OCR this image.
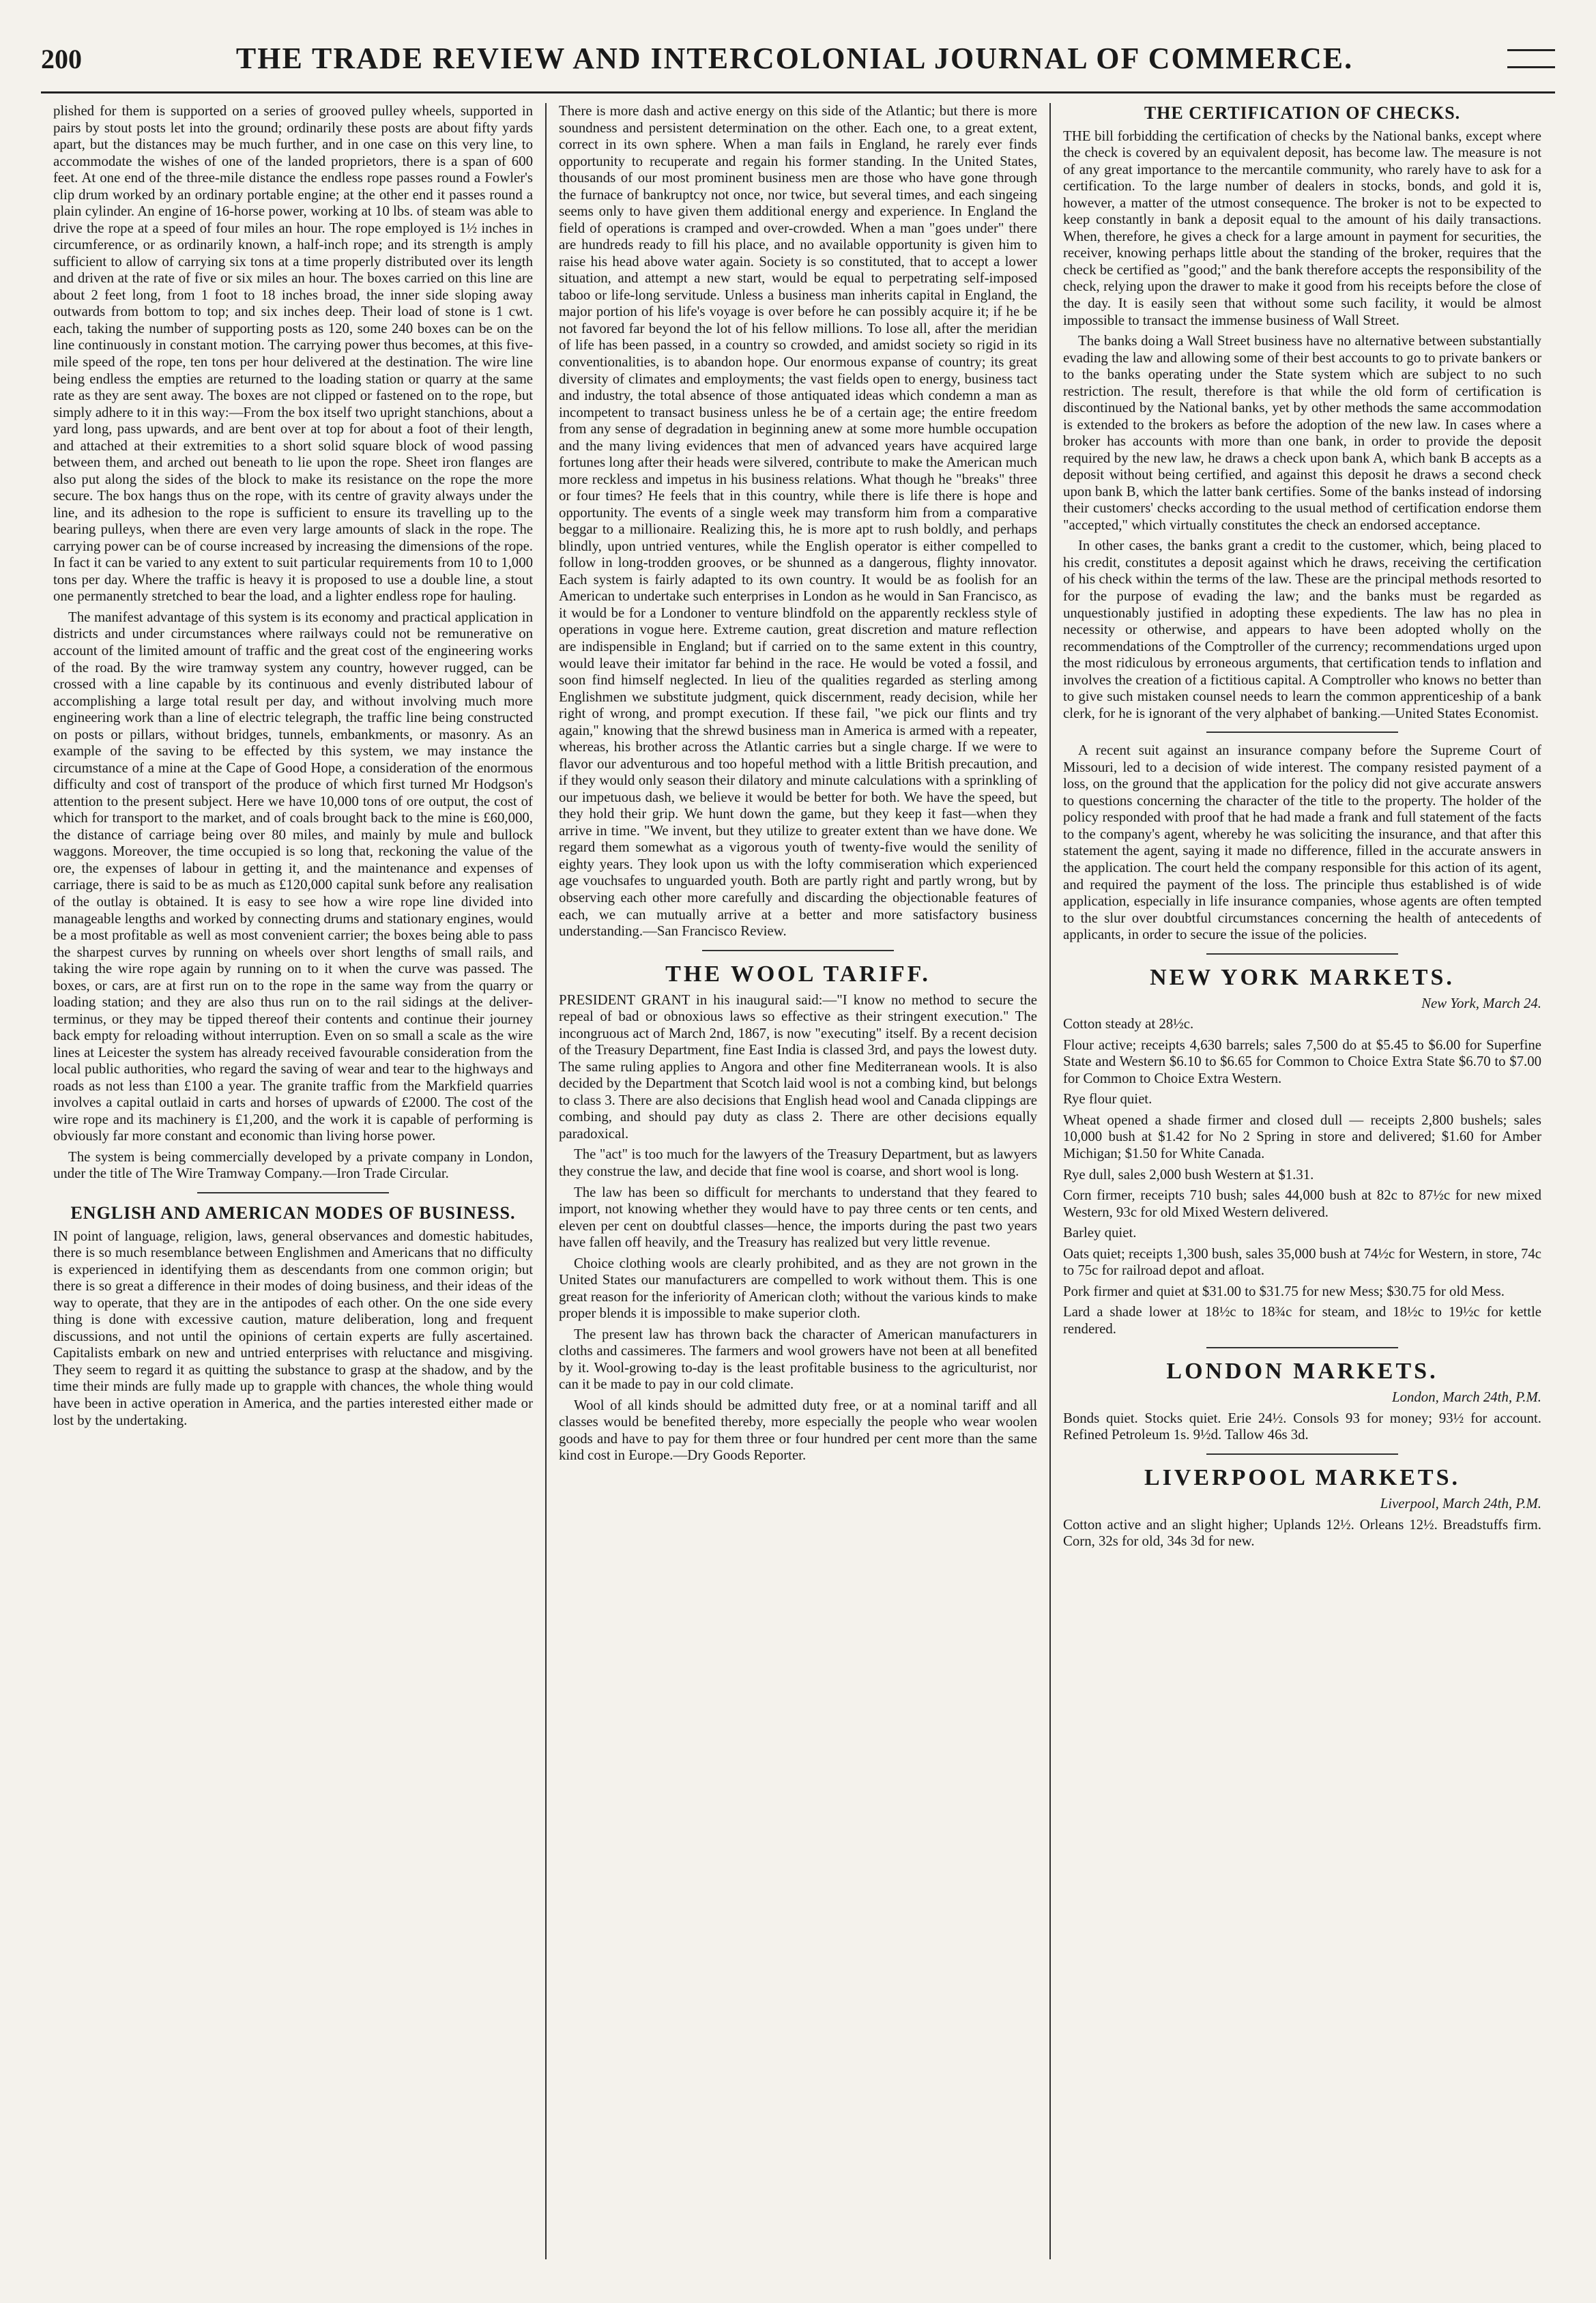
200	THE TRADE REVIEW AND INTERCOLONIAL JOURNAL OF COMMERCE.

plished for them is supported on a series of grooved pulley wheels, supported in pairs by stout posts let into the ground; ordinarily these posts are about fifty yards apart, but the distances may be much further, and in one case on this very line, to accommodate the wishes of one of the landed proprietors, there is a span of 600 feet. At one end of the three-mile distance the endless rope passes round a Fowler's clip drum worked by an ordinary portable engine; at the other end it passes round a plain cylinder. An engine of 16-horse power, working at 10 lbs. of steam was able to drive the rope at a speed of four miles an hour. The rope employed is 1½ inches in circumference, or as ordinarily known, a half-inch rope; and its strength is amply sufficient to allow of carrying six tons at a time properly distributed over its length and driven at the rate of five or six miles an hour. The boxes carried on this line are about 2 feet long, from 1 foot to 18 inches broad, the inner side sloping away outwards from bottom to top; and six inches deep. Their load of stone is 1 cwt. each, taking the number of supporting posts as 120, some 240 boxes can be on the line continuously in constant motion. The carrying power thus becomes, at this five-mile speed of the rope, ten tons per hour delivered at the destination. The wire line being endless the empties are returned to the loading station or quarry at the same rate as they are sent away. The boxes are not clipped or fastened on to the rope, but simply adhere to it in this way:—From the box itself two upright stanchions, about a yard long, pass upwards, and are bent over at top for about a foot of their length, and attached at their extremities to a short solid square block of wood passing between them, and arched out beneath to lie upon the rope. Sheet iron flanges are also put along the sides of the block to make its resistance on the rope the more secure. The box hangs thus on the rope, with its centre of gravity always under the line, and its adhesion to the rope is sufficient to ensure its travelling up to the bearing pulleys, when there are even very large amounts of slack in the rope. The carrying power can be of course increased by increasing the dimensions of the rope. In fact it can be varied to any extent to suit particular requirements from 10 to 1,000 tons per day. Where the traffic is heavy it is proposed to use a double line, a stout one permanently stretched to bear the load, and a lighter endless rope for hauling.

The manifest advantage of this system is its economy and practical application in districts and under circumstances where railways could not be remunerative on account of the limited amount of traffic and the great cost of the engineering works of the road. By the wire tramway system any country, however rugged, can be crossed with a line capable by its continuous and evenly distributed labour of accomplishing a large total result per day, and without involving much more engineering work than a line of electric telegraph, the traffic line being constructed on posts or pillars, without bridges, tunnels, embankments, or masonry. As an example of the saving to be effected by this system, we may instance the circumstance of a mine at the Cape of Good Hope, a consideration of the enormous difficulty and cost of transport of the produce of which first turned Mr Hodgson's attention to the present subject. Here we have 10,000 tons of ore output, the cost of which for transport to the market, and of coals brought back to the mine is £60,000, the distance of carriage being over 80 miles, and mainly by mule and bullock waggons. Moreover, the time occupied is so long that, reckoning the value of the ore, the expenses of labour in getting it, and the maintenance and expenses of carriage, there is said to be as much as £120,000 capital sunk before any realisation of the outlay is obtained. It is easy to see how a wire rope line divided into manageable lengths and worked by connecting drums and stationary engines, would be a most profitable as well as most convenient carrier; the boxes being able to pass the sharpest curves by running on wheels over short lengths of small rails, and taking the wire rope again by running on to it when the curve was passed. The boxes, or cars, are at first run on to the rope in the same way from the quarry or loading station; and they are also thus run on to the rail sidings at the deliver- terminus, or they may be tipped thereof their contents and continue their journey back empty for reloading without interruption. Even on so small a scale as the wire lines at Leicester the system has already received favourable consideration from the local public authorities, who regard the saving of wear and tear to the highways and roads as not less than £100 a year. The granite traffic from the Markfield quarries involves a capital outlaid in carts and horses of upwards of £2000. The cost of the wire rope and its machinery is £1,200, and the work it is capable of performing is obviously far more constant and economic than living horse power.

The system is being commercially developed by a private company in London, under the title of The Wire Tramway Company.—Iron Trade Circular.

ENGLISH AND AMERICAN MODES OF BUSINESS.

IN point of language, religion, laws, general observances and domestic habitudes, there is so much resemblance between Englishmen and Americans that no difficulty is experienced in identifying them as descendants from one common origin; but there is so great a difference in their modes of doing business, and their ideas of the way to operate, that they are in the antipodes of each other. On the one side every thing is done with excessive caution, mature deliberation, long and frequent discussions, and not until the opinions of certain experts are fully ascertained. Capitalists embark on new and untried enterprises with reluctance and misgiving. They seem to regard it as quitting the substance to grasp at the shadow, and by the time their minds are fully made up to grapple with chances, the whole thing would have been in active operation in America, and the parties interested either made or lost by the undertaking.

There is more dash and active energy on this side of the Atlantic; but there is more soundness and persistent determination on the other. Each one, to a great extent, correct in its own sphere. When a man fails in England, he rarely ever finds opportunity to recuperate and regain his former standing. In the United States, thousands of our most prominent business men are those who have gone through the furnace of bankruptcy not once, nor twice, but several times, and each singeing seems only to have given them additional energy and experience. In England the field of operations is cramped and over-crowded. When a man "goes under" there are hundreds ready to fill his place, and no available opportunity is given him to raise his head above water again. Society is so constituted, that to accept a lower situation, and attempt a new start, would be equal to perpetrating self-imposed taboo or life-long servitude. Unless a business man inherits capital in England, the major portion of his life's voyage is over before he can possibly acquire it; if he be not favored far beyond the lot of his fellow millions. To lose all, after the meridian of life has been passed, in a country so crowded, and amidst society so rigid in its conventionalities, is to abandon hope. Our enormous expanse of country; its great diversity of climates and employments; the vast fields open to energy, business tact and industry, the total absence of those antiquated ideas which condemn a man as incompetent to transact business unless he be of a certain age; the entire freedom from any sense of degradation in beginning anew at some more humble occupation and the many living evidences that men of advanced years have acquired large fortunes long after their heads were silvered, contribute to make the American much more reckless and impetus in his business relations. What though he "breaks" three or four times? He feels that in this country, while there is life there is hope and opportunity. The events of a single week may transform him from a comparative beggar to a millionaire. Realizing this, he is more apt to rush boldly, and perhaps blindly, upon untried ventures, while the English operator is either compelled to follow in long-trodden grooves, or be shunned as a dangerous, flighty innovator. Each system is fairly adapted to its own country. It would be as foolish for an American to undertake such enterprises in London as he would in San Francisco, as it would be for a Londoner to venture blindfold on the apparently reckless style of operations in vogue here. Extreme caution, great discretion and mature reflection are indispensible in England; but if carried on to the same extent in this country, would leave their imitator far behind in the race. He would be voted a fossil, and soon find himself neglected. In lieu of the qualities regarded as sterling among Englishmen we substitute judgment, quick discernment, ready decision, while her right of wrong, and prompt execution. If these fail, "we pick our flints and try again," knowing that the shrewd business man in America is armed with a repeater, whereas, his brother across the Atlantic carries but a single charge. If we were to flavor our adventurous and too hopeful method with a little British precaution, and if they would only season their dilatory and minute calculations with a sprinkling of our impetuous dash, we believe it would be better for both. We have the speed, but they hold their grip. We hunt down the game, but they keep it fast—when they arrive in time. "We invent, but they utilize to greater extent than we have done. We regard them somewhat as a vigorous youth of twenty-five would the senility of eighty years. They look upon us with the lofty commiseration which experienced age vouchsafes to unguarded youth. Both are partly right and partly wrong, but by observing each other more carefully and discarding the objectionable features of each, we can mutually arrive at a better and more satisfactory business understanding.—San Francisco Review.

THE WOOL TARIFF.

PRESIDENT GRANT in his inaugural said:—"I know no method to secure the repeal of bad or obnoxious laws so effective as their stringent execution." The incongruous act of March 2nd, 1867, is now "executing" itself. By a recent decision of the Treasury Department, fine East India is classed 3rd, and pays the lowest duty. The same ruling applies to Angora and other fine Mediterranean wools. It is also decided by the Department that Scotch laid wool is not a combing kind, but belongs to class 3. There are also decisions that English head wool and Canada clippings are combing, and should pay duty as class 2. There are other decisions equally paradoxical.

The "act" is too much for the lawyers of the Treasury Department, but as lawyers they construe the law, and decide that fine wool is coarse, and short wool is long.

The law has been so difficult for merchants to understand that they feared to import, not knowing whether they would have to pay three cents or ten cents, and eleven per cent on doubtful classes—hence, the imports during the past two years have fallen off heavily, and the Treasury has realized but very little revenue.

Choice clothing wools are clearly prohibited, and as they are not grown in the United States our manufacturers are compelled to work without them. This is one great reason for the inferiority of American cloth; without the various kinds to make proper blends it is impossible to make superior cloth.

The present law has thrown back the character of American manufacturers in cloths and cassimeres. The farmers and wool growers have not been at all benefited by it. Wool-growing to-day is the least profitable business to the agriculturist, nor can it be made to pay in our cold climate.

Wool of all kinds should be admitted duty free, or at a nominal tariff and all classes would be benefited thereby, more especially the people who wear woolen goods and have to pay for them three or four hundred per cent more than the same kind cost in Europe.—Dry Goods Reporter.

THE CERTIFICATION OF CHECKS.

THE bill forbidding the certification of checks by the National banks, except where the check is covered by an equivalent deposit, has become law. The measure is not of any great importance to the mercantile community, who rarely have to ask for a certification. To the large number of dealers in stocks, bonds, and gold it is, however, a matter of the utmost consequence. The broker is not to be expected to keep constantly in bank a deposit equal to the amount of his daily transactions. When, therefore, he gives a check for a large amount in payment for securities, the receiver, knowing perhaps little about the standing of the broker, requires that the check be certified as "good;" and the bank therefore accepts the responsibility of the check, relying upon the drawer to make it good from his receipts before the close of the day. It is easily seen that without some such facility, it would be almost impossible to transact the immense business of Wall Street.

The banks doing a Wall Street business have no alternative between substantially evading the law and allowing some of their best accounts to go to private bankers or to the banks operating under the State system which are subject to no such restriction. The result, therefore is that while the old form of certification is discontinued by the National banks, yet by other methods the same accommodation is extended to the brokers as before the adoption of the new law. In cases where a broker has accounts with more than one bank, in order to provide the deposit required by the new law, he draws a check upon bank A, which bank B accepts as a deposit without being certified, and against this deposit he draws a second check upon bank B, which the latter bank certifies. Some of the banks instead of indorsing their customers' checks according to the usual method of certification endorse them "accepted," which virtually constitutes the check an endorsed acceptance.

In other cases, the banks grant a credit to the customer, which, being placed to his credit, constitutes a deposit against which he draws, receiving the certification of his check within the terms of the law. These are the principal methods resorted to for the purpose of evading the law; and the banks must be regarded as unquestionably justified in adopting these expedients. The law has no plea in necessity or otherwise, and appears to have been adopted wholly on the recommendations of the Comptroller of the currency; recommendations urged upon the most ridiculous by erroneous arguments, that certification tends to inflation and involves the creation of a fictitious capital. A Comptroller who knows no better than to give such mistaken counsel needs to learn the common apprenticeship of a bank clerk, for he is ignorant of the very alphabet of banking.—United States Economist.

A recent suit against an insurance company before the Supreme Court of Missouri, led to a decision of wide interest. The company resisted payment of a loss, on the ground that the application for the policy did not give accurate answers to questions concerning the character of the title to the property. The holder of the policy responded with proof that he had made a frank and full statement of the facts to the company's agent, whereby he was soliciting the insurance, and that after this statement the agent, saying it made no difference, filled in the accurate answers in the application. The court held the company responsible for this action of its agent, and required the payment of the loss. The principle thus established is of wide application, especially in life insurance companies, whose agents are often tempted to the slur over doubtful circumstances concerning the health of antecedents of applicants, in order to secure the issue of the policies.

NEW YORK MARKETS.

New York, March 24.

Cotton steady at 28½c.

Flour active; receipts 4,630 barrels; sales 7,500 do at $5.45 to $6.00 for Superfine State and Western $6.10 to $6.65 for Common to Choice Extra State $6.70 to $7.00 for Common to Choice Extra Western.

Rye flour quiet.

Wheat opened a shade firmer and closed dull — receipts 2,800 bushels; sales 10,000 bush at $1.42 for No 2 Spring in store and delivered; $1.60 for Amber Michigan; $1.50 for White Canada.

Rye dull, sales 2,000 bush Western at $1.31.

Corn firmer, receipts 710 bush; sales 44,000 bush at 82c to 87½c for new mixed Western, 93c for old Mixed Western delivered.

Barley quiet.

Oats quiet; receipts 1,300 bush, sales 35,000 bush at 74½c for Western, in store, 74c to 75c for railroad depot and afloat.

Pork firmer and quiet at $31.00 to $31.75 for new Mess; $30.75 for old Mess.

Lard a shade lower at 18½c to 18¾c for steam, and 18½c to 19½c for kettle rendered.

LONDON MARKETS.

London, March 24th, P.M.

Bonds quiet. Stocks quiet. Erie 24½. Consols 93 for money; 93½ for account. Refined Petroleum 1s. 9½d. Tallow 46s 3d.

LIVERPOOL MARKETS.

Liverpool, March 24th, P.M.

Cotton active and an slight higher; Uplands 12½. Orleans 12½. Breadstuffs firm. Corn, 32s for old, 34s 3d for new.
